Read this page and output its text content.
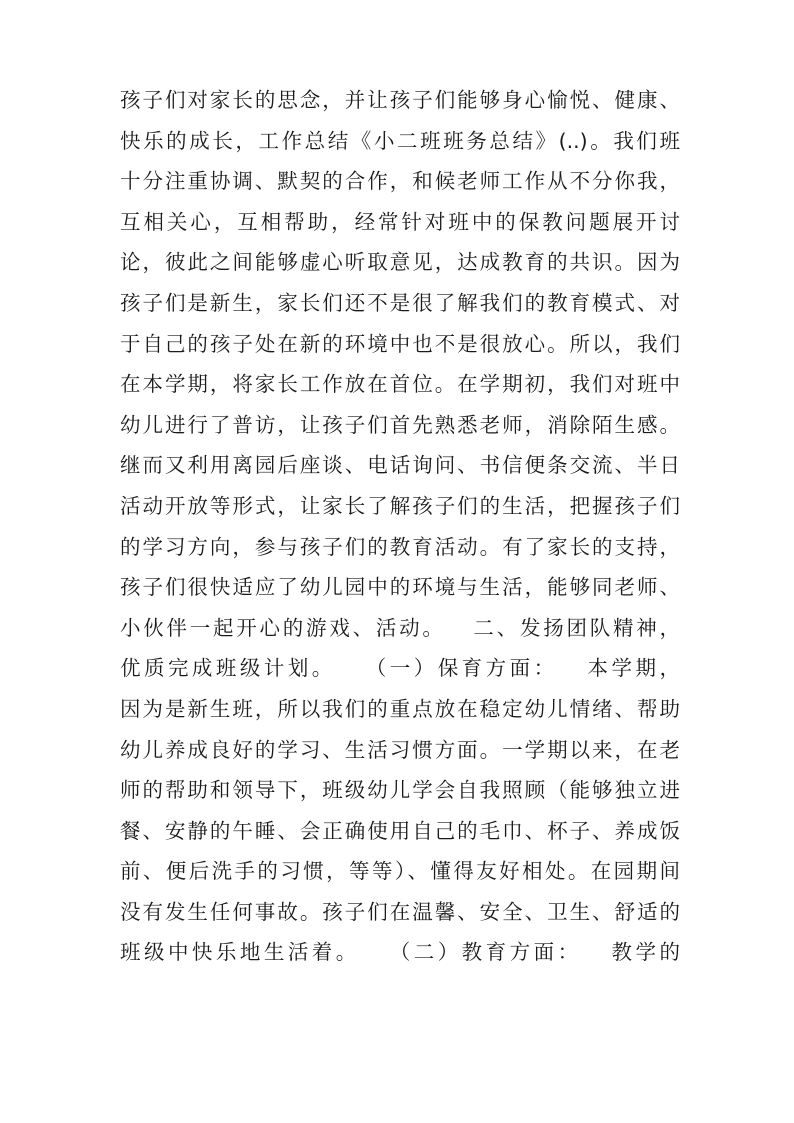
孩子们对家长的思念，并让孩子们能够身心愉悦、健康、
快乐的成长，工作总结《小二班班务总结》(..)。我们班
十分注重协调、默契的合作，和候老师工作从不分你我，
互相关心，互相帮助，经常针对班中的保教问题展开讨
论，彼此之间能够虚心听取意见，达成教育的共识。因为
孩子们是新生，家长们还不是很了解我们的教育模式、对
于自己的孩子处在新的环境中也不是很放心。所以，我们
在本学期，将家长工作放在首位。在学期初，我们对班中
幼儿进行了普访，让孩子们首先熟悉老师，消除陌生感。
继而又利用离园后座谈、电话询问、书信便条交流、半日
活动开放等形式，让家长了解孩子们的生活，把握孩子们
的学习方向，参与孩子们的教育活动。有了家长的支持，
孩子们很快适应了幼儿园中的环境与生活，能够同老师、
小伙伴一起开心的游戏、活动。   二、发扬团队精神，
优质完成班级计划。   （一）保育方面：   本学期，
因为是新生班，所以我们的重点放在稳定幼儿情绪、帮助
幼儿养成良好的学习、生活习惯方面。一学期以来，在老
师的帮助和领导下，班级幼儿学会自我照顾（能够独立进
餐、安静的午睡、会正确使用自己的毛巾、杯子、养成饭
前、便后洗手的习惯，等等）、懂得友好相处。在园期间
没有发生任何事故。孩子们在温馨、安全、卫生、舒适的
班级中快乐地生活着。   （二）教育方面：   教学的
